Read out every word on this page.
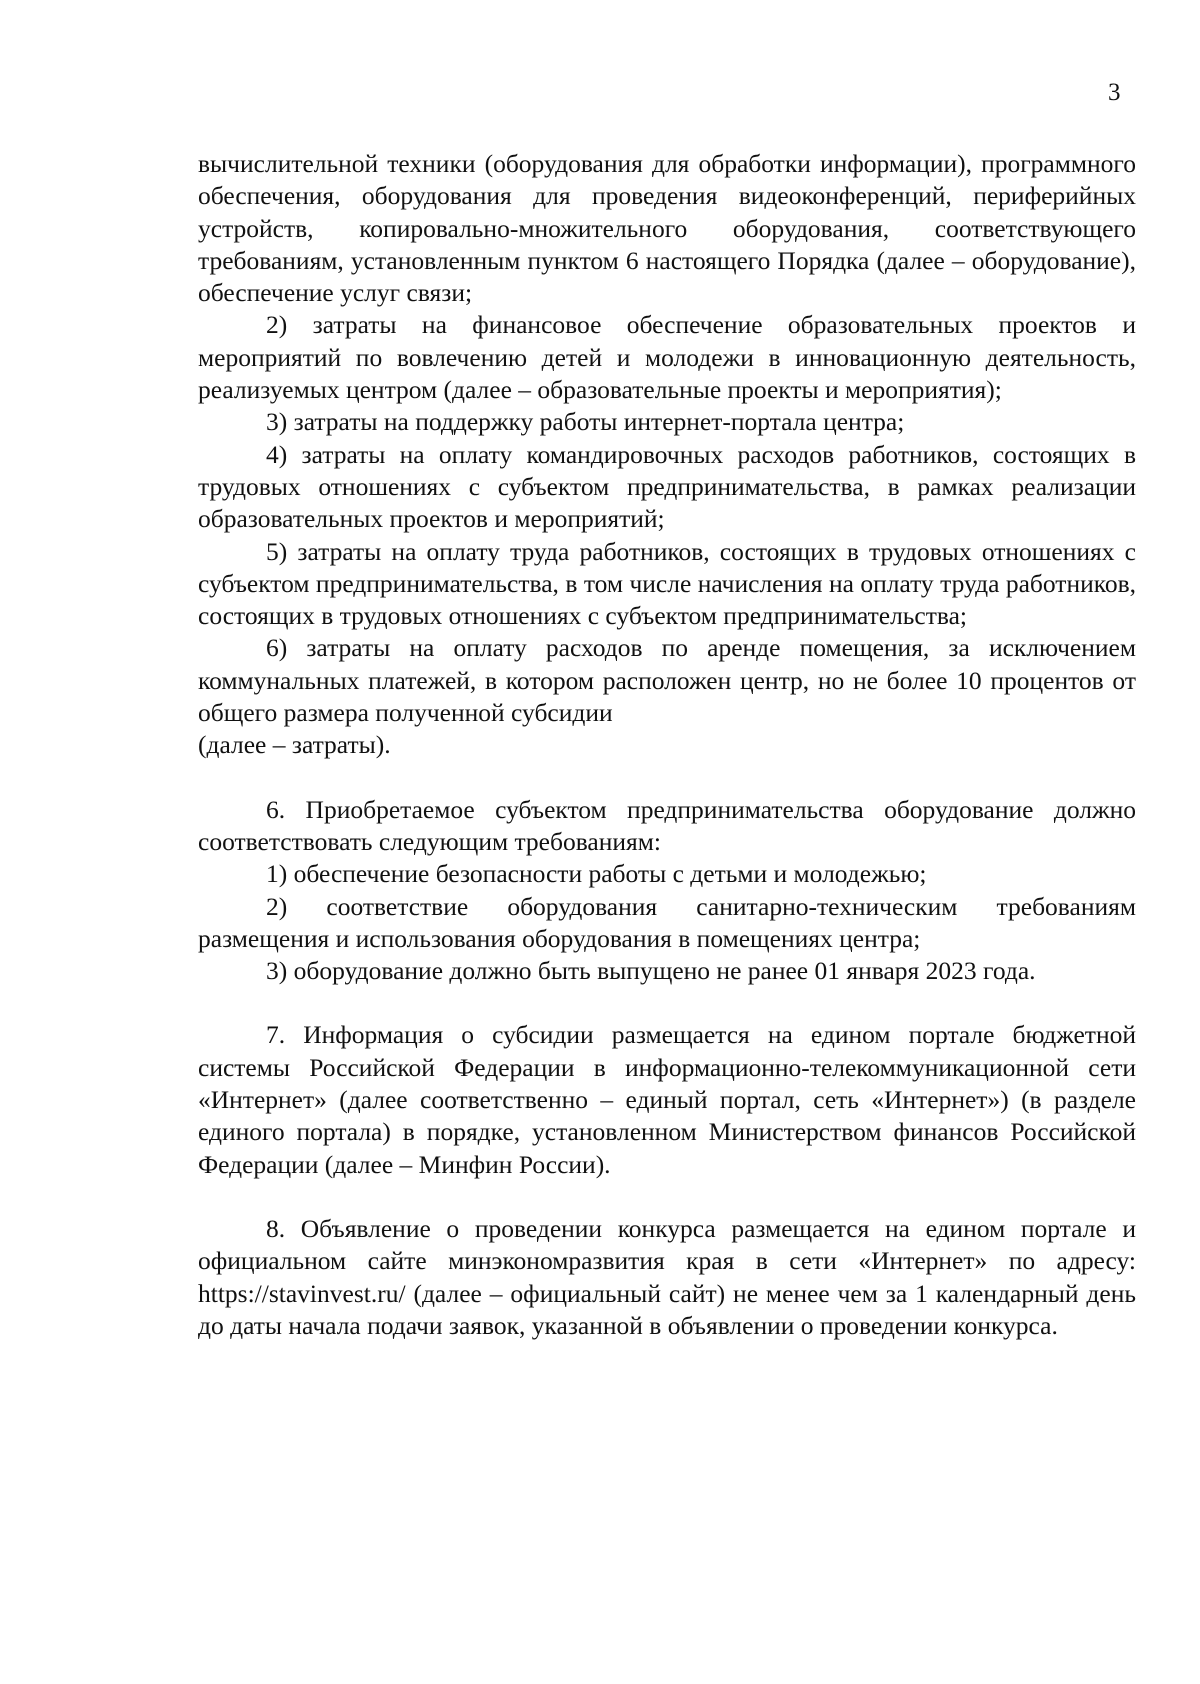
3

вычислительной техники (оборудования для обработки информации), программного обеспечения, оборудования для проведения видеоконференций, периферийных устройств, копировально-множительного оборудования, соответствующего требованиям, установленным пунктом 6 настоящего Порядка (далее – оборудование), обеспечение услуг связи;

2) затраты на финансовое обеспечение образовательных проектов и мероприятий по вовлечению детей и молодежи в инновационную деятельность, реализуемых центром (далее – образовательные проекты и мероприятия);

3) затраты на поддержку работы интернет-портала центра;

4) затраты на оплату командировочных расходов работников, состоящих в трудовых отношениях с субъектом предпринимательства, в рамках реализации образовательных проектов и мероприятий;

5) затраты на оплату труда работников, состоящих в трудовых отношениях с субъектом предпринимательства, в том числе начисления на оплату труда работников, состоящих в трудовых отношениях с субъектом предпринимательства;

6) затраты на оплату расходов по аренде помещения, за исключением коммунальных платежей, в котором расположен центр, но не более 10 процентов от общего размера полученной субсидии

(далее – затраты).

6. Приобретаемое субъектом предпринимательства оборудование должно соответствовать следующим требованиям:

1) обеспечение безопасности работы с детьми и молодежью;

2) соответствие оборудования санитарно-техническим требованиям размещения и использования оборудования в помещениях центра;

3) оборудование должно быть выпущено не ранее 01 января 2023 года.

7. Информация о субсидии размещается на едином портале бюджетной системы Российской Федерации в информационно-телекоммуникационной сети «Интернет» (далее соответственно – единый портал, сеть «Интернет») (в разделе единого портала) в порядке, установленном Министерством финансов Российской Федерации (далее – Минфин России).

8. Объявление о проведении конкурса размещается на едином портале и официальном сайте минэкономразвития края в сети «Интернет» по адресу: https://stavinvest.ru/ (далее – официальный сайт) не менее чем за 1 календарный день до даты начала подачи заявок, указанной в объявлении о проведении конкурса.
